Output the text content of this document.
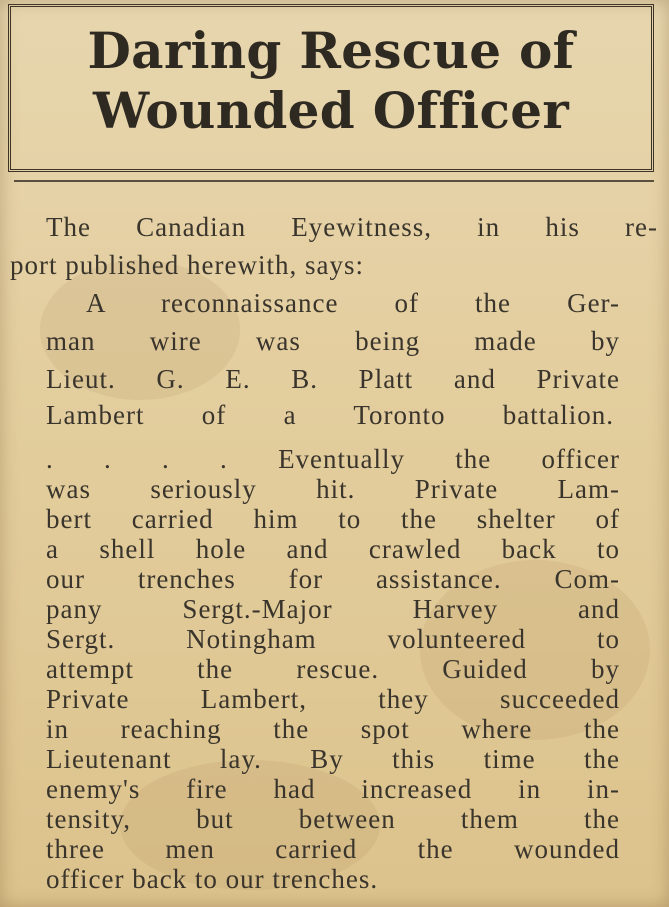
Daring Rescue of
Wounded Officer
The Canadian Eyewitness, in his re-
port published herewith, says:
A reconnaissance of the Ger-
man wire was being made by
Lieut. G. E. B. Platt and Private
Lambert of a Toronto battalion.
. . . . Eventually the officer
was seriously hit. Private Lam-
bert carried him to the shelter of
a shell hole and crawled back to
our trenches for assistance. Com-
pany Sergt.-Major Harvey and
Sergt. Notingham volunteered to
attempt the rescue. Guided by
Private Lambert, they succeeded
in reaching the spot where the
Lieutenant lay. By this time the
enemy's fire had increased in in-
tensity, but between them the
three men carried the wounded
officer back to our trenches.
